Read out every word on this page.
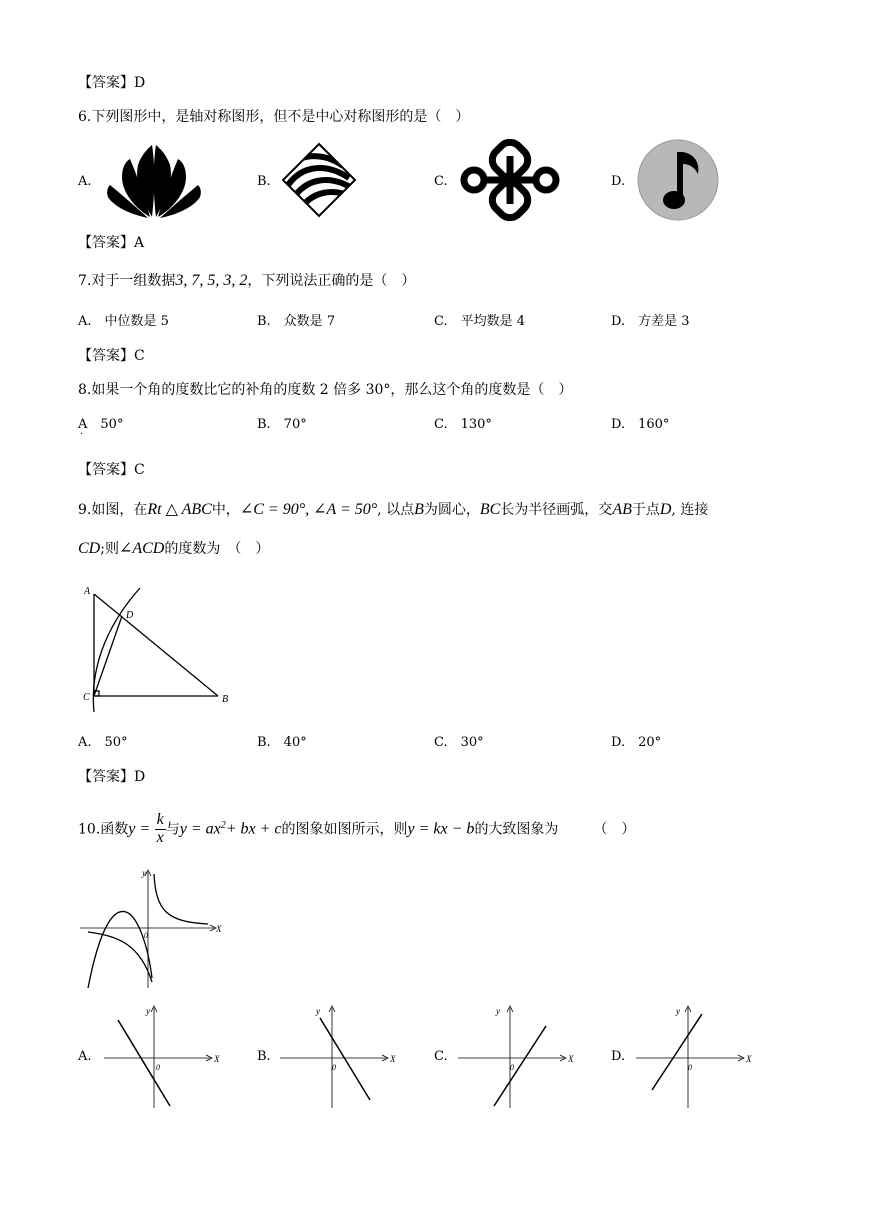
【答案】D
6.下列图形中，是轴对称图形，但不是中心对称图形的是（　）
A.	B.	C.	D.
【答案】A
7.对于一组数据3, 7, 5, 3, 2，下列说法正确的是（　）
A.　中位数是 5	B.　众数是 7	C.　平均数是 4	D.　方差是 3
【答案】C
8.如果一个角的度数比它的补角的度数 2 倍多 30°，那么这个角的度数是（　）
A　50°
·
B.　70°	C.　130°	D.　160°
【答案】C
9.如图，在Rt △ ABC中，∠C = 90°, ∠A = 50°, 以点B为圆心，BC长为半径画弧，交AB于点D, 连接
CD;则∠ACD的度数为　（　）
A
D
C	B
A.　50°	B.　40°	C.　30°	D.　20°
【答案】D
10.函数$y = \frac{k}{x}$ 与$y = ax^2+$ bx + c的图象如图所示，则y = kx − b的大致图象为　　　（　）
X
y
0
A.	X
y
0
B.	X
y
0
C.	X
y
0
D.	X
y
0
